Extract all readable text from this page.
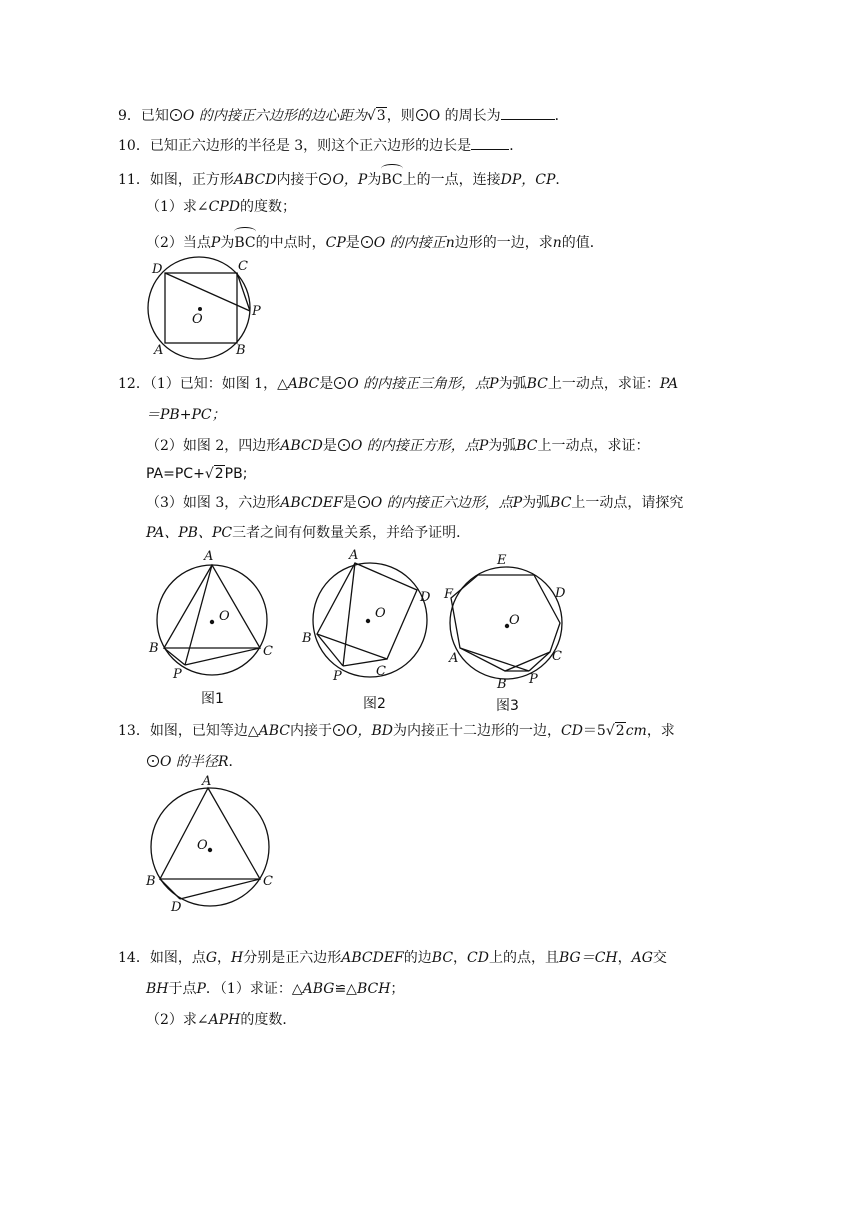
9．已知 O 的内接正六边形的边心距为√3，则 O 的周长为	．
10．已知正六边形的半径是 3，则这个正六边形的边长是	．
11．如图，正方形ABCD内接于 O，P为BC上的一点，连接DP，CP．
（1）求∠CPD的度数；
（2）当点P为BC的中点时，CP是 O 的内接正n边形的一边，求n的值．
D	C
A	B
P
O
12．（1）已知：如图 1，△ABC是 O 的内接正三角形，点P为弧BC上一动点，求证：PA
＝PB+PC；
（2）如图 2，四边形ABCD是 O 的内接正方形，点P为弧BC上一动点，求证：
PA=PC+√2PB;
（3）如图 3，六边形ABCDEF是 O 的内接正六边形，点P为弧BC上一动点，请探究
PA、PB、PC三者之间有何数量关系，并给予证明．
A
B	C
P
O
图1
A
B
C
D
P
O
图2
E
F	D
A	C
B P
O
图3
13．如图，已知等边△ABC内接于 O，BD为内接正十二边形的一边，CD＝5√2cm，求
O 的半径R．
A
B	C
D
O
14．如图，点G，H分别是正六边形ABCDEF的边BC，CD上的点，且BG＝CH，AG交
BH于点P．（1）求证：△ABG≌△BCH；
（2）求∠APH的度数．
